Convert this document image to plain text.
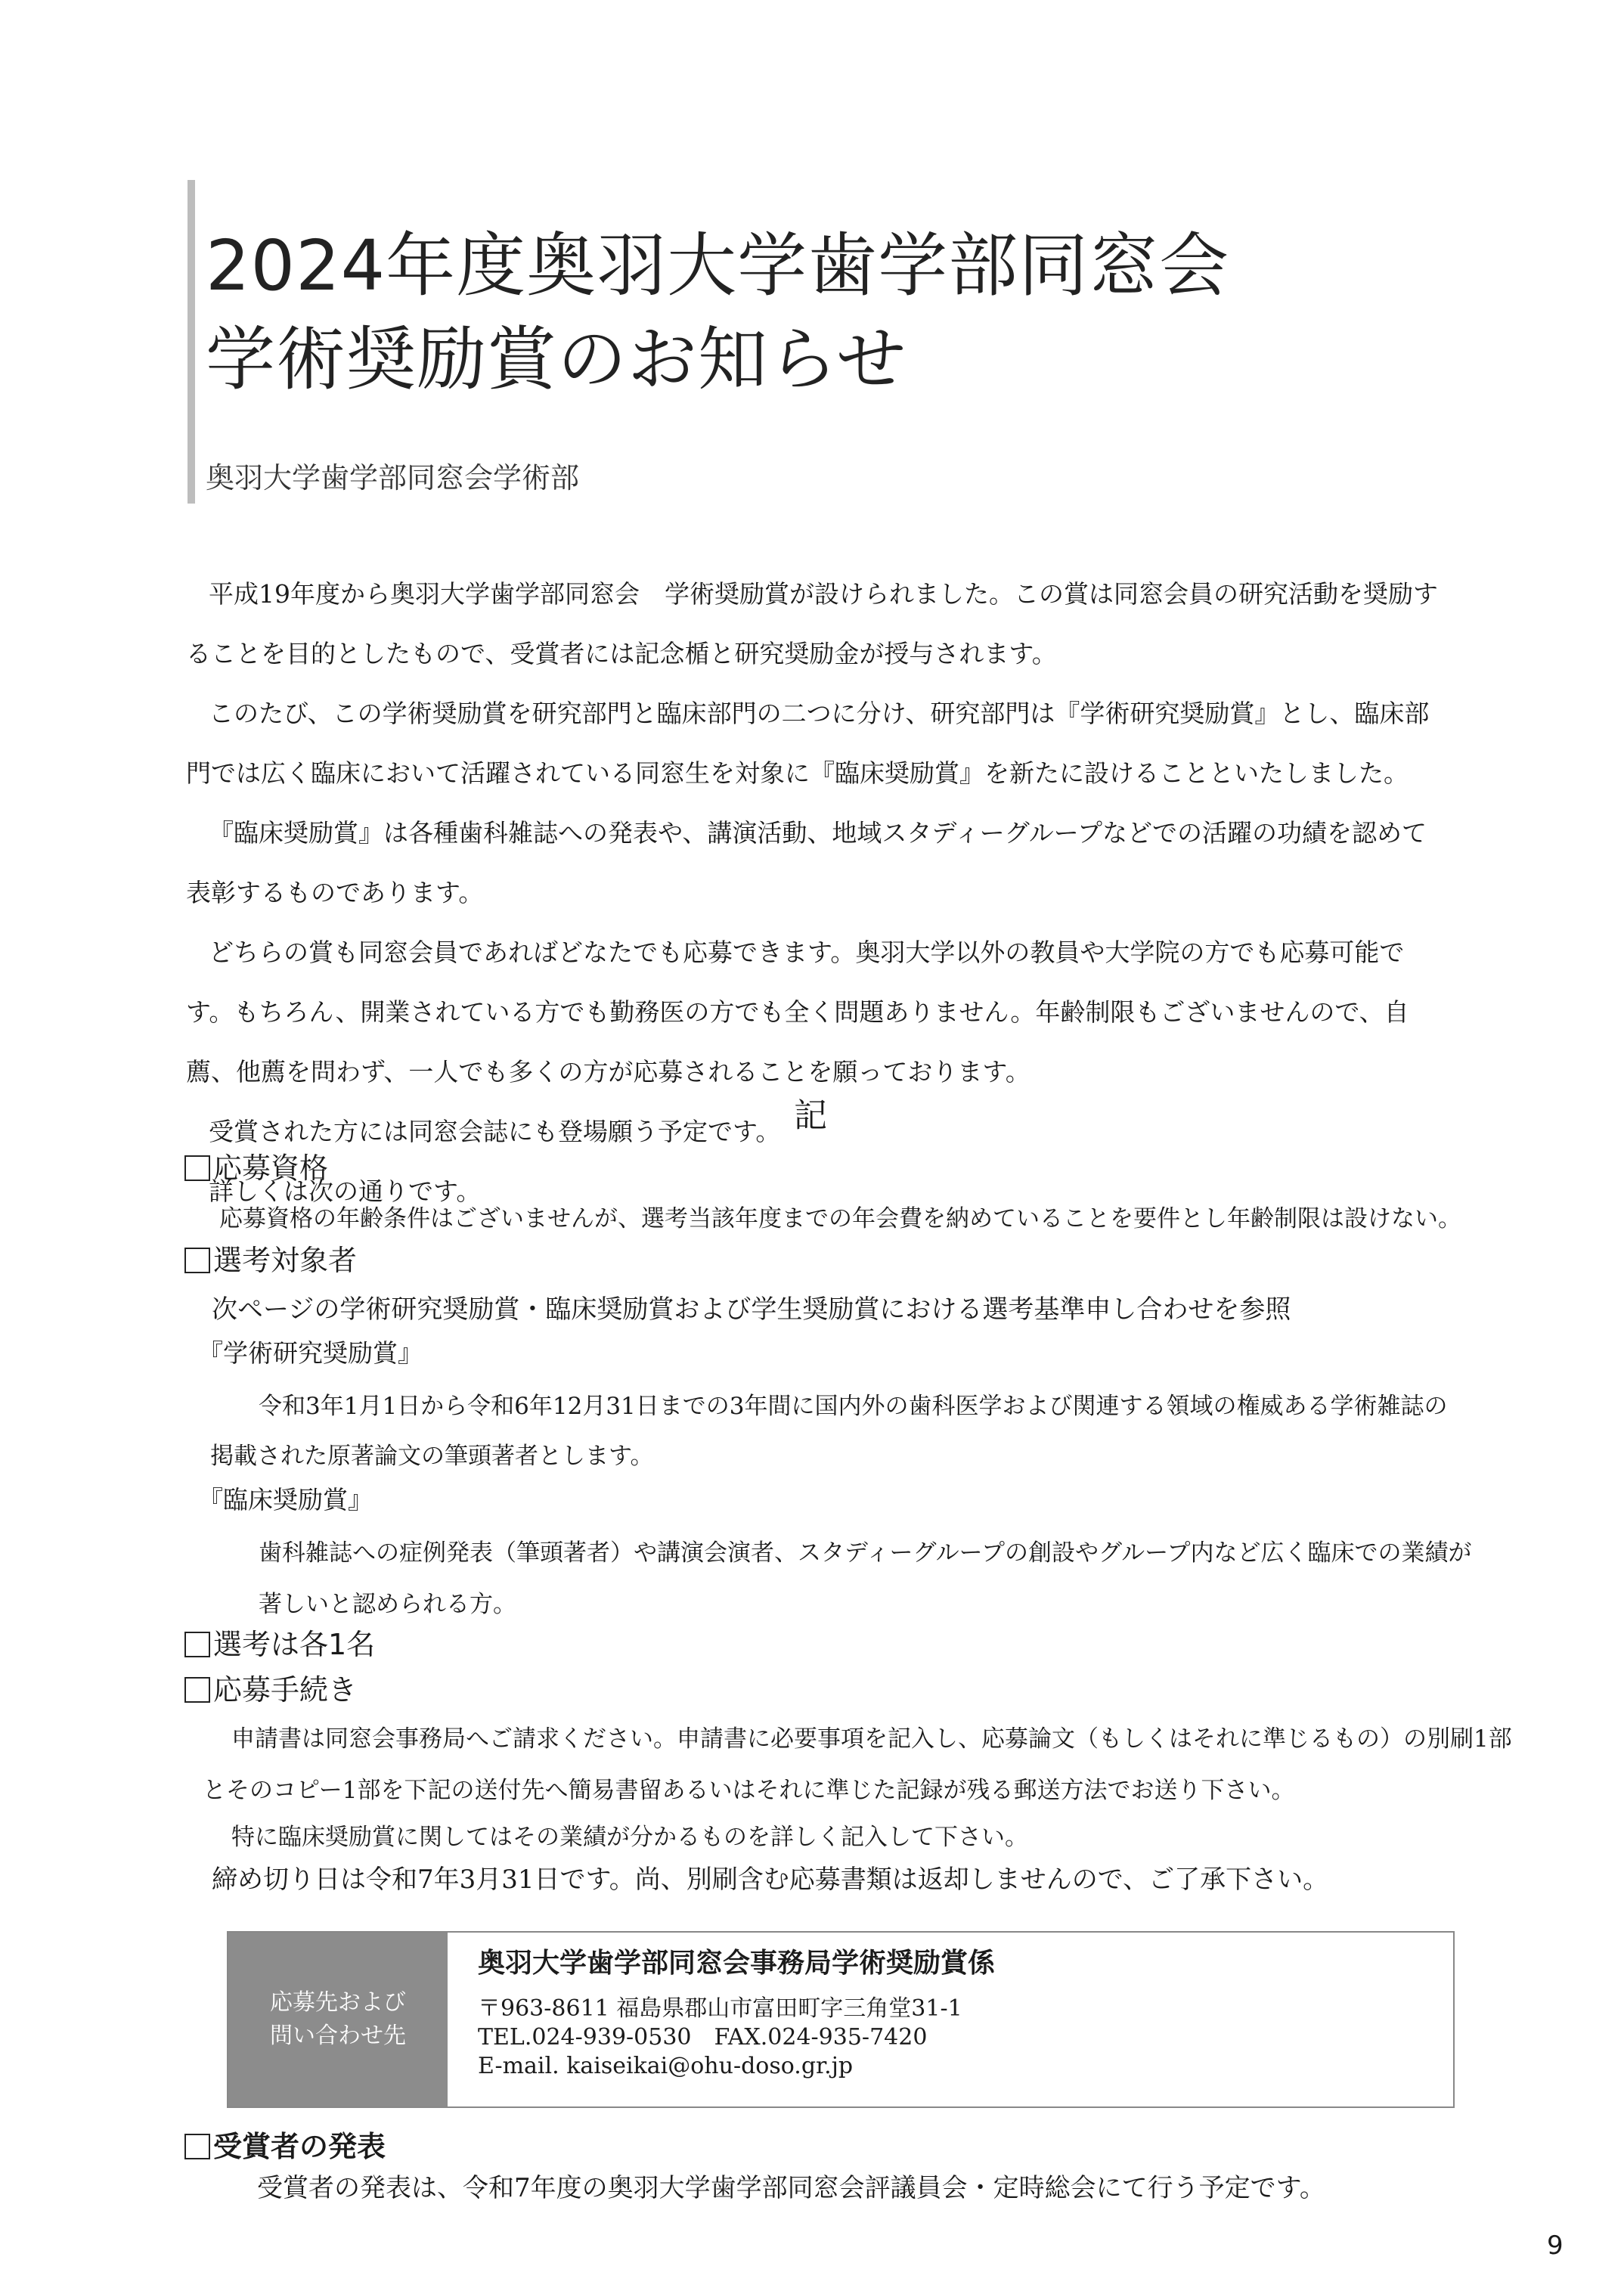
2024年度奥羽大学歯学部同窓会
学術奨励賞のお知らせ

奥羽大学歯学部同窓会学術部

平成19年度から奥羽大学歯学部同窓会　学術奨励賞が設けられました。この賞は同窓会員の研究活動を奨励す

ることを目的としたもので、受賞者には記念楯と研究奨励金が授与されます。

このたび、この学術奨励賞を研究部門と臨床部門の二つに分け、研究部門は『学術研究奨励賞』とし、臨床部

門では広く臨床において活躍されている同窓生を対象に『臨床奨励賞』を新たに設けることといたしました。

『臨床奨励賞』は各種歯科雑誌への発表や、講演活動、地域スタディーグループなどでの活躍の功績を認めて

表彰するものであります。

どちらの賞も同窓会員であればどなたでも応募できます。奥羽大学以外の教員や大学院の方でも応募可能で

す。もちろん、開業されている方でも勤務医の方でも全く問題ありません。年齢制限もございませんので、自

薦、他薦を問わず、一人でも多くの方が応募されることを願っております。

受賞された方には同窓会誌にも登場願う予定です。

詳しくは次の通りです。

記
応募資格

応募資格の年齢条件はございませんが、選考当該年度までの年会費を納めていることを要件とし年齢制限は設けない。

選考対象者

次ページの学術研究奨励賞・臨床奨励賞および学生奨励賞における選考基準申し合わせを参照

『学術研究奨励賞』

令和3年1月1日から令和6年12月31日までの3年間に国内外の歯科医学および関連する領域の権威ある学術雑誌の

掲載された原著論文の筆頭著者とします。

『臨床奨励賞』

歯科雑誌への症例発表（筆頭著者）や講演会演者、スタディーグループの創設やグループ内など広く臨床での業績が

著しいと認められる方。

選考は各1名
応募手続き

申請書は同窓会事務局へご請求ください。申請書に必要事項を記入し、応募論文（もしくはそれに準じるもの）の別刷1部

とそのコピー1部を下記の送付先へ簡易書留あるいはそれに準じた記録が残る郵送方法でお送り下さい。

特に臨床奨励賞に関してはその業績が分かるものを詳しく記入して下さい。

締め切り日は令和7年3月31日です。尚、別刷含む応募書類は返却しませんので、ご了承下さい。

応募先および
問い合わせ先
奥羽大学歯学部同窓会事務局学術奨励賞係
〒963-8611 福島県郡山市富田町字三角堂31-1
TEL.024-939-0530　FAX.024-935-7420
E-mail. kaiseikai@ohu-doso.gr.jp
受賞者の発表

受賞者の発表は、令和7年度の奥羽大学歯学部同窓会評議員会・定時総会にて行う予定です。

9
